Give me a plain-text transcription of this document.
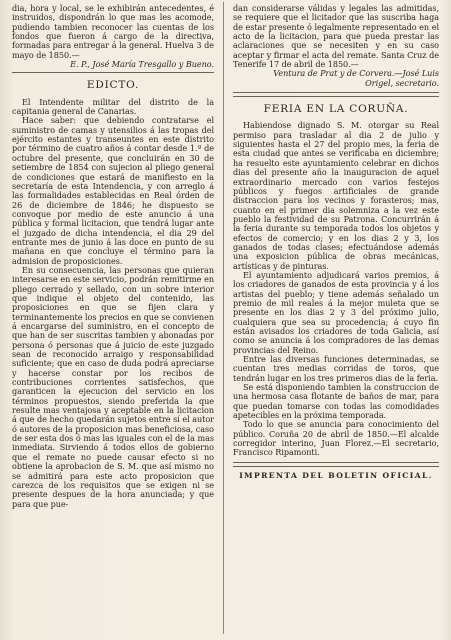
dia, hora y local, se le exhibirán antecedentes, é instruidos, dispondrán lo que mas les acomode, pudiendo tambien reconocer las cuentas de los fondos que fueron á cargo de la directiva, formadas para entregar á la general. Huelva 3 de mayo de 1850.—

E. P., José María Tresgallo y Bueno.

EDICTO.

El Intendente militar del distrito de la capitania general de Canarias.

Hace saber: que debiendo contratarse el suministro de camas y utensilios á las tropas del ejército estantes y transeuntes en este distrito por término de cuatro años á contar desde 1.º de octubre del presente, que concluirán en 30 de setiembre de 1854 con sujecion al pliego general de condiciones que estará de manifiesto en la secretaría de esta Intendencia, y con arreglo á las formalidades establecidas en Real órden de 26 de diciembre de 1846; he dispuesto se convoque por medio de este anuncio á una pública y formal licitacion, que tendrá lugar ante el juzgado de dicha intendencia, el dia 29 del entrante mes de junio á las doce en punto de su mañana en que concluye el término para la admision de proposiciones.

En su consecuencia, las personas que quieran interesarse en este servicio, podrán remitirme en pliego cerrado y sellado, con un sobre interior que indique el objeto del contenido, las proposiciones en que se fijen clara y terminantemente los precios en que se convienen á encargarse del suministro, en el concepto de que han de ser suscritas tambien y abonadas por persona ó personas que á juicio de este juzgado sean de reconocido arraigo y responsabilidad suficiente; que en caso de duda podrá apreciarse y hacerse constar por los recibos de contribuciones corrientes satisfechos, que garanticen la ejecucion del servicio en los términos propuestos, siendo preferida la que resulte mas ventajosa y aceptable en la licitacion á que de hecho quedarán sujetos entre sí el autor ó autores de la proposicion mas beneficiosa, caso de ser esta dos ó mas las iguales con el de la mas inmediata. Sirviendo á todos ellos de gobierno que el remate no puede causar efecto si no obtiene la aprobacion de S. M. que así mismo no se admitirá para este acto proposicion que carezca de los requisitos que se exigen ni se presente despues de la hora anunciada; y que para que pue-

dan considerarse válidas y legales las admitidas, se requiere que el licitador que las suscriba haga de estar presente ó legalmente representado en el acto de la licitacion, para que pueda prestar las aclaraciones que se necesiten y en su caso aceptar y firmar el acta del remate. Santa Cruz de Tenerife 17 de abril de 1850.—

Ventura de Prat y de Corvera.—José Luis Origel, secretario.

FERIA EN LA CORUÑA.

Habiendose dignado S. M. otorgar su Real permiso para trasladar al dia 2 de julio y siguientes hasta el 27 del propio mes, la feria de esta ciudad que antes se verificaba en diciembre; ha resuelto este ayuntamiento celebrar en dichos dias del presente año la inauguracion de aquel extraordinario mercado con varios festejos públicos y fuegos artificiales de grande distraccion para los vecinos y forasteros; mas, cuanto en el primer dia solemniza a la vez este pueblo la festividad de su Patrona. Concurrirán á la feria durante su temporada todos los objetos y efectos de comercio; y en los dias 2 y 3, los ganados de todas clases; efectuándose además una exposicion pública de obras mecánicas, artísticas y de pinturas.

El ayuntamiento adjudicará varios premios, á los criadores de ganados de esta provincia y á los artistas del pueblo; y tiene además señalado un premio de mil reales á la mejor muleta que se presente en los dias 2 y 3 del próximo julio, cualquiera que sea su procedencia; á cuyo fin están avisados los criadores de toda Galicia, así como se anuncia á los compradores de las demas provincias del Reino.

Entre las diversas funciones determinadas, se cuentan tres medias corridas de toros, que tendrán lugar en los tres primeros dias de la feria.

Se está disponiendo tambien la construccion de una hermosa casa flotante de baños de mar, para que puedan tomarse con todas las comodidades apetecibles en la próxima temporada.

Todo lo que se anuncia para conocimiento del público. Coruña 20 de abril de 1850.—El alcalde corregidor interino, Juan Florez.—El secretario, Francisco Ripamonti.

IMPRENTA DEL BOLETIN OFICIAL.
